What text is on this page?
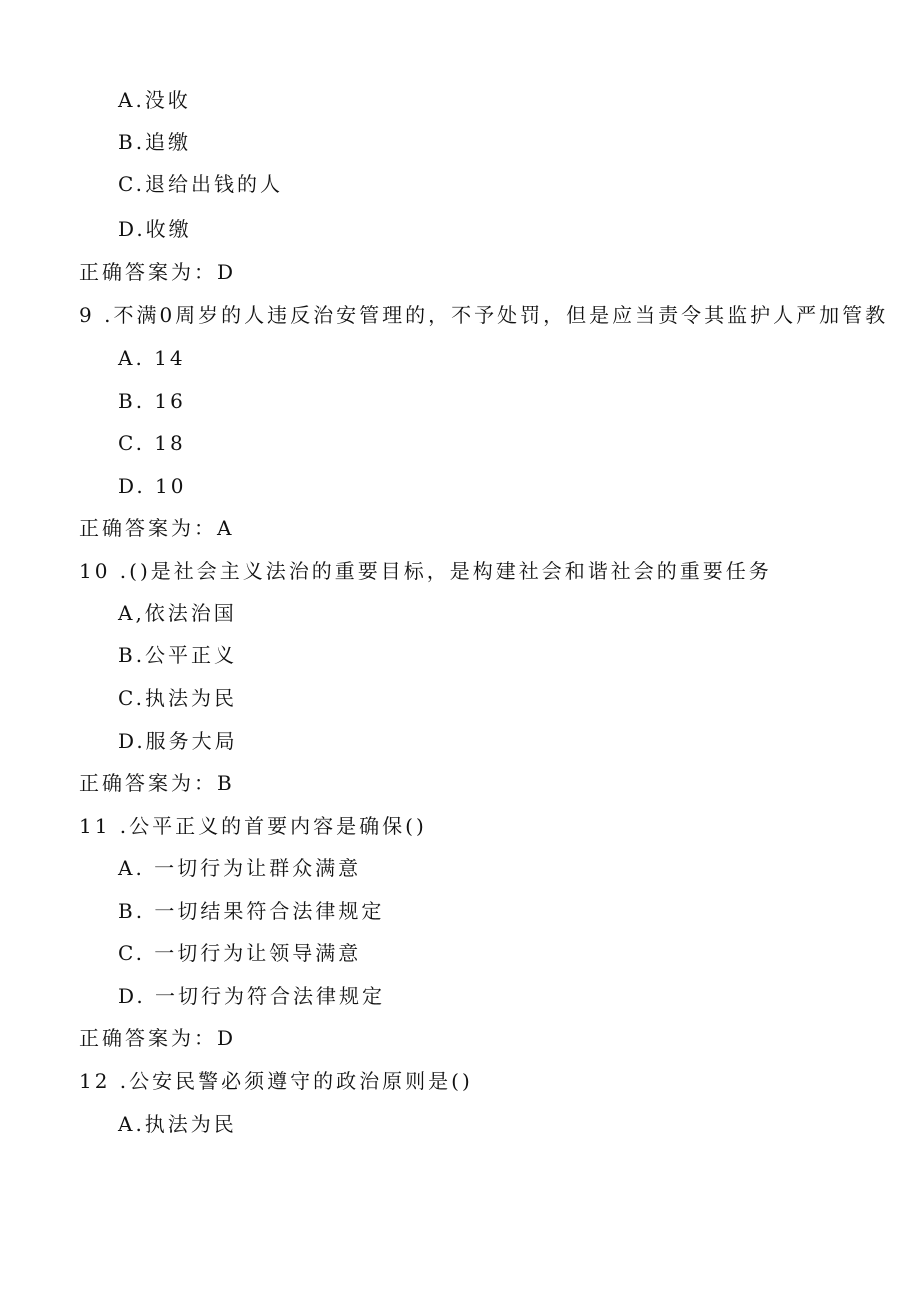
A.没收
B.追缴
C.退给出钱的人
D.收缴
正确答案为：D
9 .不满0周岁的人违反治安管理的，不予处罚，但是应当责令其监护人严加管教
A. 14
B. 16
C. 18
D. 10
正确答案为：A
10 .()是社会主义法治的重要目标，是构建社会和谐社会的重要任务
A,依法治国
B.公平正义
C.执法为民
D.服务大局
正确答案为：B
11 .公平正义的首要内容是确保()
A. 一切行为让群众满意
B. 一切结果符合法律规定
C. 一切行为让领导满意
D. 一切行为符合法律规定
正确答案为：D
12 .公安民警必须遵守的政治原则是()
A.执法为民
